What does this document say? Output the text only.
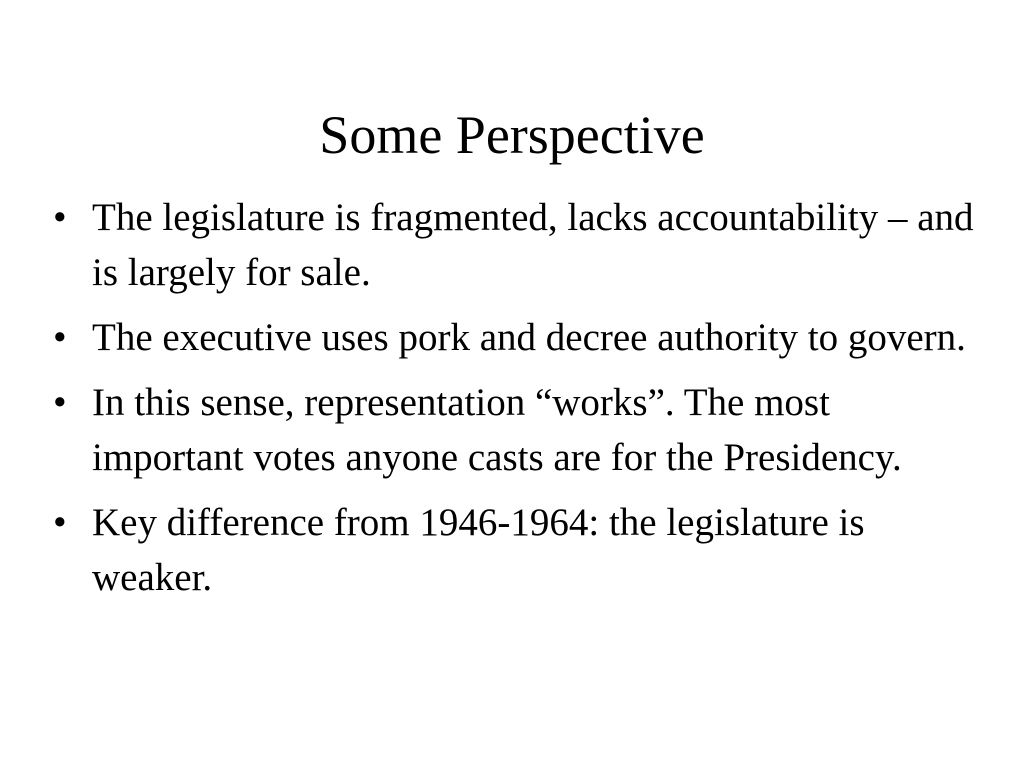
Some Perspective
• The legislature is fragmented, lacks accountability – and is largely for sale.
• The executive uses pork and decree authority to govern.
• In this sense, representation “works”. The most important votes anyone casts are for the Presidency.
• Key difference from 1946-1964: the legislature is weaker.
